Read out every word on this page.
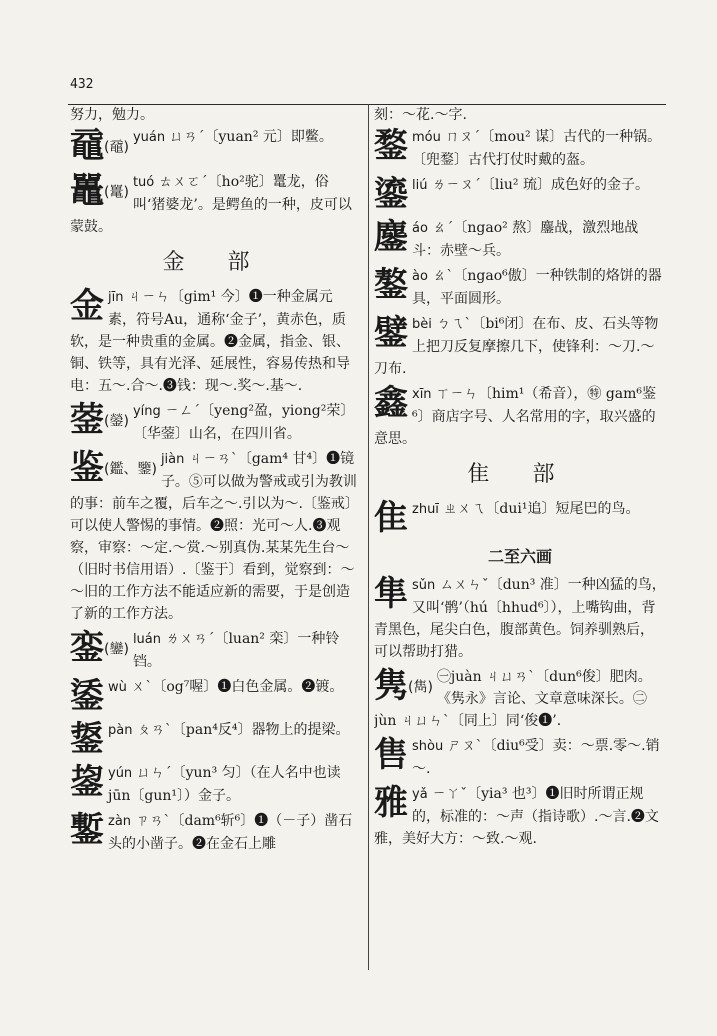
432
努力，勉力。
黿(黿)
yuán ㄩㄢˊ〔yuan² 元〕即鳖。
鼉(鼍)
tuó ㄊㄨㄛˊ〔ho²驼〕鼍龙，俗叫‘猪婆龙’。是鳄鱼的一种，皮可以蒙鼓。
金 部
金jīn ㄐㄧㄣ〔gim¹ 今〕❶一种金属元素，符号Au，通称‘金子’，黄赤色，质软，是一种贵重的金属。❷金属，指金、银、铜、铁等，具有光泽、延展性，容易传热和导电：五～.合～.❸钱：现～.奖～.基～.
蓥(鎣)
yíng ㄧㄥˊ〔yeng²盈，yiong²荣〕〔华蓥〕山名，在四川省。
鉴(鑑、鑒)
jiàn ㄐㄧㄢˋ〔gam⁴ 甘⁴〕❶镜子。⑤可以做为警戒或引为教训的事：前车之覆，后车之～.引以为～.〔鉴戒〕可以使人警惕的事情。❷照：光可～人.❸观察，审察：～定.～赏.～别真伪.某某先生台～（旧时书信用语）.〔鉴于〕看到，觉察到：～～旧的工作方法不能适应新的需要，于是创造了新的工作方法。
銮(鑾)
luán ㄌㄨㄢˊ〔luan² 栾〕一种铃铛。
鋈wù ㄨˋ〔og⁷喔〕❶白色金属。❷镀。
鋬pàn ㄆㄢˋ〔pan⁴反⁴〕器物上的提梁。
鋆yún ㄩㄣˊ〔yun³ 匀〕（在人名中也读jūn〔gun¹〕）金子。
鏨zàn ㄗㄢˋ〔dam⁶斩⁶〕❶（－子）凿石头的小凿子。❷在金石上雕
刻：～花.～字.
鍪móu ㄇㄡˊ〔mou² 谋〕古代的一种锅。〔兜鍪〕古代打仗时戴的盔。
鎏liú ㄌㄧㄡˊ〔liu² 琉〕成色好的金子。
鏖áo ㄠˊ〔ngao² 熬〕鏖战，激烈地战斗：赤壁～兵。
鏊ào ㄠˋ〔ngao⁶傲〕一种铁制的烙饼的器具，平面圆形。
鐾bèi ㄅㄟˋ〔bi⁶闭〕在布、皮、石头等物上把刀反复摩擦几下，使锋利：～刀.～刀布.
鑫xīn ㄒㄧㄣ〔him¹（希音），㊕ gam⁶鉴⁶〕商店字号、人名常用的字，取兴盛的意思。
隹 部
隹zhuī ㄓㄨㄟ〔dui¹追〕短尾巴的鸟。
二至六画
隼sǔn ㄙㄨㄣˇ〔dun³ 准〕一种凶猛的鸟，又叫‘鹘’（hú〔hhud⁶〕），上嘴钩曲，背青黑色，尾尖白色，腹部黄色。饲养驯熟后，可以帮助打猎。
隽(雋)
㊀juàn ㄐㄩㄢˋ〔dun⁶俊〕肥肉。《隽永》言论、文章意味深长。㊁jùn ㄐㄩㄣˋ〔同上〕同‘俊❶’.
售shòu ㄕㄡˋ〔diu⁶受〕卖：～票.零～.销～.
雅yǎ ㄧㄚˇ〔yia³ 也³〕❶旧时所谓正规的，标准的：～声（指诗歌）.～言.❷文雅，美好大方：～致.～观.
